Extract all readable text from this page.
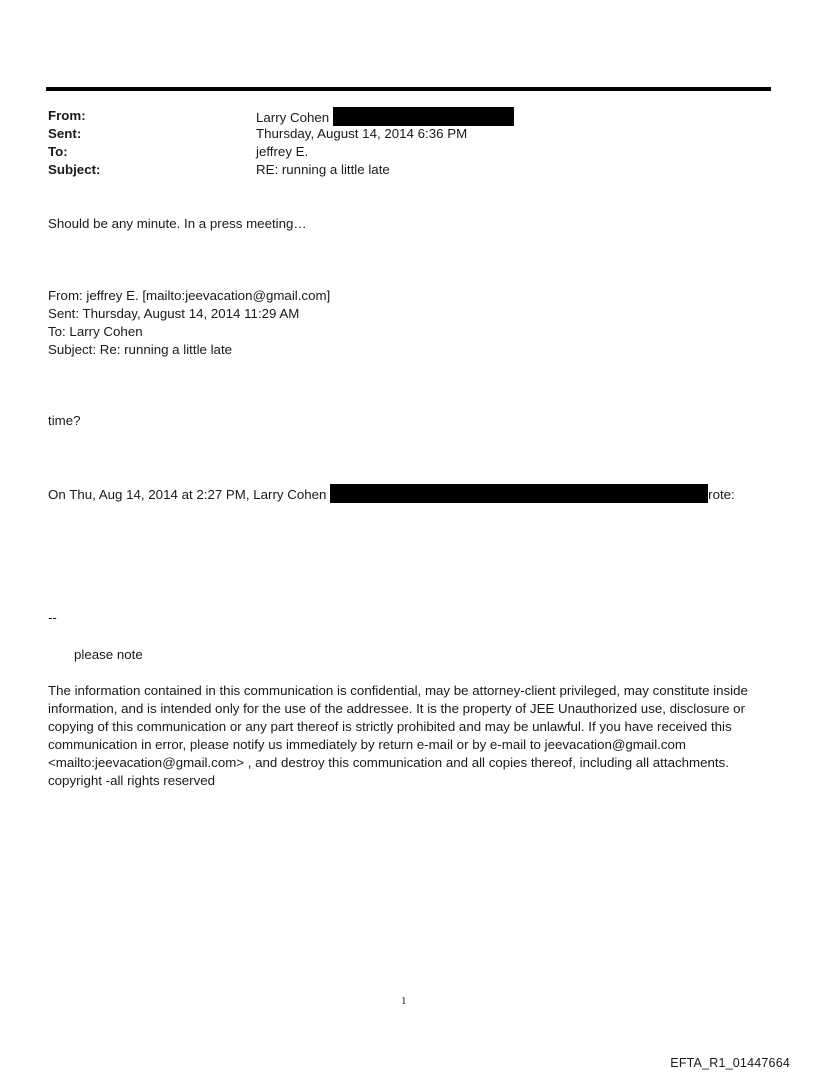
From:	Larry Cohen
Sent:	Thursday, August 14, 2014 6:36 PM
To:	jeffrey E.
Subject:	RE: running a little late
Should be any minute. In a press meeting…
From: jeffrey E. [mailto:jeevacation@gmail.com]
Sent: Thursday, August 14, 2014 11:29 AM
To: Larry Cohen
Subject: Re: running a little late
time?
On Thu, Aug 14, 2014 at 2:27 PM, Larry Cohen	rote:
--
please note
The information contained in this communication is confidential, may be attorney-client privileged, may constitute inside information, and is intended only for the use of the addressee. It is the property of JEE Unauthorized use, disclosure or copying of this communication or any part thereof is strictly prohibited and may be unlawful. If you have received this communication in error, please notify us immediately by return e-mail or by e-mail to jeevacation@gmail.com <mailto:jeevacation@gmail.com> , and destroy this communication and all copies thereof, including all attachments. copyright -all rights reserved
1
EFTA_R1_01447664
